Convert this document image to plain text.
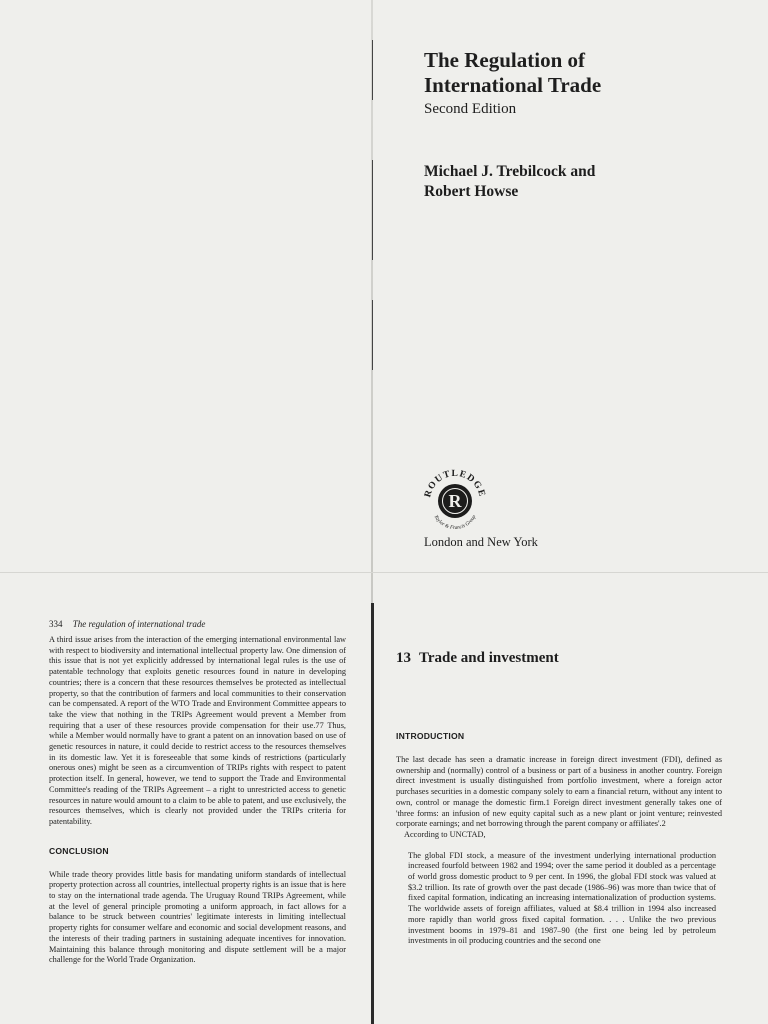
The Regulation of
International Trade
Second Edition
Michael J. Trebilcock and
Robert Howse
R
ROUTLEDGE
Taylor & Francis Group
London and New York
334 The regulation of international trade

A third issue arises from the interaction of the emerging international environmental law with respect to biodiversity and international intellectual property law. One dimension of this issue that is not yet explicitly addressed by international legal rules is the use of patentable technology that exploits genetic resources found in nature in developing countries; there is a concern that these resources themselves be protected as intellectual property, so that the contribution of farmers and local communities to their conservation can be compensated. A report of the WTO Trade and Environment Committee appears to take the view that nothing in the TRIPs Agreement would prevent a Member from requiring that a user of these resources provide compensation for their use.77 Thus, while a Member would normally have to grant a patent on an innovation based on use of genetic resources in nature, it could decide to restrict access to the resources themselves in its domestic law. Yet it is foreseeable that some kinds of restrictions (particularly onerous ones) might be seen as a circumvention of TRIPs rights with respect to patent protection itself. In general, however, we tend to support the Trade and Environmental Committee's reading of the TRIPs Agreement – a right to unrestricted access to genetic resources in nature would amount to a claim to be able to patent, and use exclusively, the resources themselves, which is clearly not provided under the TRIPs criteria for patentability.

CONCLUSION

While trade theory provides little basis for mandating uniform standards of intellectual property protection across all countries, intellectual property rights is an issue that is here to stay on the international trade agenda. The Uruguay Round TRIPs Agreement, while at the level of general principle promoting a uniform approach, in fact allows for a balance to be struck between countries' legitimate interests in limiting intellectual property rights for consumer welfare and economic and social development reasons, and the interests of their trading partners in sustaining adequate incentives for innovation. Maintaining this balance through monitoring and dispute settlement will be a major challenge for the World Trade Organization.

13 Trade and investment
INTRODUCTION

The last decade has seen a dramatic increase in foreign direct investment (FDI), defined as ownership and (normally) control of a business or part of a business in another country. Foreign direct investment is usually distinguished from portfolio investment, where a foreign actor purchases securities in a domestic company solely to earn a financial return, without any intent to own, control or manage the domestic firm.1 Foreign direct investment generally takes one of 'three forms: an infusion of new equity capital such as a new plant or joint venture; reinvested corporate earnings; and net borrowing through the parent company or affiliates'.2

According to UNCTAD,

The global FDI stock, a measure of the investment underlying international production increased fourfold between 1982 and 1994; over the same period it doubled as a percentage of world gross domestic product to 9 per cent. In 1996, the global FDI stock was valued at $3.2 trillion. Its rate of growth over the past decade (1986–96) was more than twice that of fixed capital formation, indicating an increasing internationalization of production systems. The worldwide assets of foreign affiliates, valued at $8.4 trillion in 1994 also increased more rapidly than world gross fixed capital formation. . . . Unlike the two previous investment booms in 1979–81 and 1987–90 (the first one being led by petroleum investments in oil producing countries and the second one
